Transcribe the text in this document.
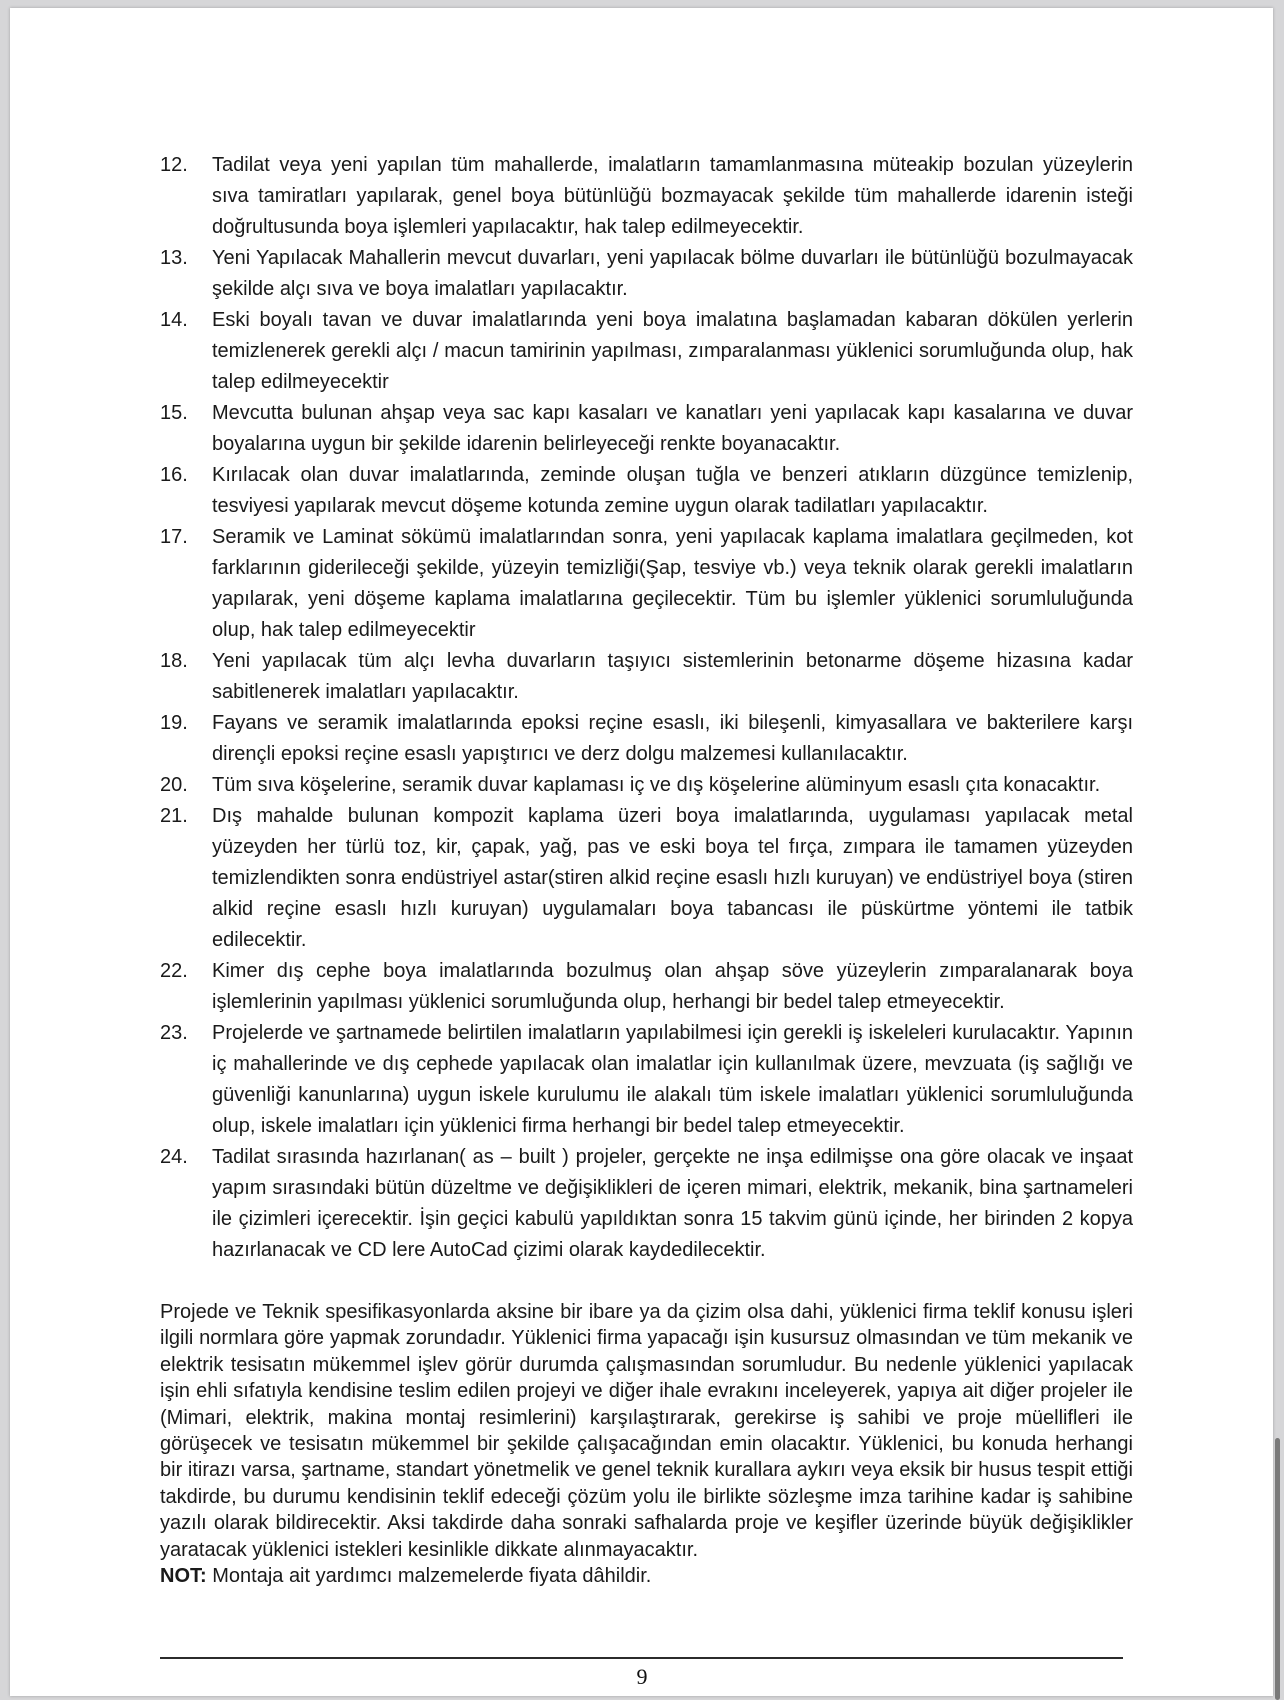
12.	Tadilat veya yeni yapılan tüm mahallerde, imalatların tamamlanmasına müteakip bozulan yüzeylerin sıva tamiratları yapılarak, genel boya bütünlüğü bozmayacak şekilde tüm mahallerde idarenin isteği doğrultusunda boya işlemleri yapılacaktır, hak talep edilmeyecektir.
13.	Yeni Yapılacak Mahallerin mevcut duvarları, yeni yapılacak bölme duvarları ile bütünlüğü bozulmayacak şekilde alçı sıva ve boya imalatları yapılacaktır.
14.	Eski boyalı tavan ve duvar imalatlarında yeni boya imalatına başlamadan kabaran dökülen yerlerin temizlenerek gerekli alçı / macun tamirinin yapılması, zımparalanması yüklenici sorumluğunda olup, hak talep edilmeyecektir
15.	Mevcutta bulunan ahşap veya sac kapı kasaları ve kanatları yeni yapılacak kapı kasalarına ve duvar boyalarına uygun bir şekilde idarenin belirleyeceği renkte boyanacaktır.
16.	Kırılacak olan duvar imalatlarında, zeminde oluşan tuğla ve benzeri atıkların düzgünce temizlenip, tesviyesi yapılarak mevcut döşeme kotunda zemine uygun olarak tadilatları yapılacaktır.
17.	Seramik ve Laminat sökümü imalatlarından sonra, yeni yapılacak kaplama imalatlara geçilmeden, kot farklarının giderileceği şekilde, yüzeyin temizliği(Şap, tesviye vb.) veya teknik olarak gerekli imalatların yapılarak, yeni döşeme kaplama imalatlarına geçilecektir. Tüm bu işlemler yüklenici sorumluluğunda olup, hak talep edilmeyecektir
18.	Yeni yapılacak tüm alçı levha duvarların taşıyıcı sistemlerinin betonarme döşeme hizasına kadar sabitlenerek imalatları yapılacaktır.
19.	Fayans ve seramik imalatlarında epoksi reçine esaslı, iki bileşenli, kimyasallara ve bakterilere karşı dirençli epoksi reçine esaslı yapıştırıcı ve derz dolgu malzemesi kullanılacaktır.
20.	Tüm sıva köşelerine, seramik duvar kaplaması iç ve dış köşelerine alüminyum esaslı çıta konacaktır.
21.	Dış mahalde bulunan kompozit kaplama üzeri boya imalatlarında, uygulaması yapılacak metal yüzeyden her türlü toz, kir, çapak, yağ, pas ve eski boya tel fırça, zımpara ile tamamen yüzeyden temizlendikten sonra endüstriyel astar(stiren alkid reçine esaslı hızlı kuruyan) ve endüstriyel boya (stiren alkid reçine esaslı hızlı kuruyan) uygulamaları boya tabancası ile püskürtme yöntemi ile tatbik edilecektir.
22.	Kimer dış cephe boya imalatlarında bozulmuş olan ahşap söve yüzeylerin zımparalanarak boya işlemlerinin yapılması yüklenici sorumluğunda olup, herhangi bir bedel talep etmeyecektir.
23.	Projelerde ve şartnamede belirtilen imalatların yapılabilmesi için gerekli iş iskeleleri kurulacaktır. Yapının iç mahallerinde ve dış cephede yapılacak olan imalatlar için kullanılmak üzere, mevzuata (iş sağlığı ve güvenliği kanunlarına) uygun iskele kurulumu ile alakalı tüm iskele imalatları yüklenici sorumluluğunda olup, iskele imalatları için yüklenici firma herhangi bir bedel talep etmeyecektir.
24.	Tadilat sırasında hazırlanan( as – built ) projeler, gerçekte ne inşa edilmişse ona göre olacak ve inşaat yapım sırasındaki bütün düzeltme ve değişiklikleri de içeren mimari, elektrik, mekanik, bina şartnameleri ile çizimleri içerecektir. İşin geçici kabulü yapıldıktan sonra 15 takvim günü içinde, her birinden 2 kopya hazırlanacak ve CD lere AutoCad çizimi olarak kaydedilecektir.
Projede ve Teknik spesifikasyonlarda aksine bir ibare ya da çizim olsa dahi, yüklenici firma teklif konusu işleri ilgili normlara göre yapmak zorundadır. Yüklenici firma yapacağı işin kusursuz olmasından ve tüm mekanik ve elektrik tesisatın mükemmel işlev görür durumda çalışmasından sorumludur. Bu nedenle yüklenici yapılacak işin ehli sıfatıyla kendisine teslim edilen projeyi ve diğer ihale evrakını inceleyerek, yapıya ait diğer projeler ile (Mimari, elektrik, makina montaj resimlerini) karşılaştırarak, gerekirse iş sahibi ve proje müellifleri ile görüşecek ve tesisatın mükemmel bir şekilde çalışacağından emin olacaktır. Yüklenici, bu konuda herhangi bir itirazı varsa, şartname, standart yönetmelik ve genel teknik kurallara aykırı veya eksik bir husus tespit ettiği takdirde, bu durumu kendisinin teklif edeceği çözüm yolu ile birlikte sözleşme imza tarihine kadar iş sahibine yazılı olarak bildirecektir. Aksi takdirde daha sonraki safhalarda proje ve keşifler üzerinde büyük değişiklikler yaratacak yüklenici istekleri kesinlikle dikkate alınmayacaktır.
NOT: Montaja ait yardımcı malzemelerde fiyata dâhildir.
9
